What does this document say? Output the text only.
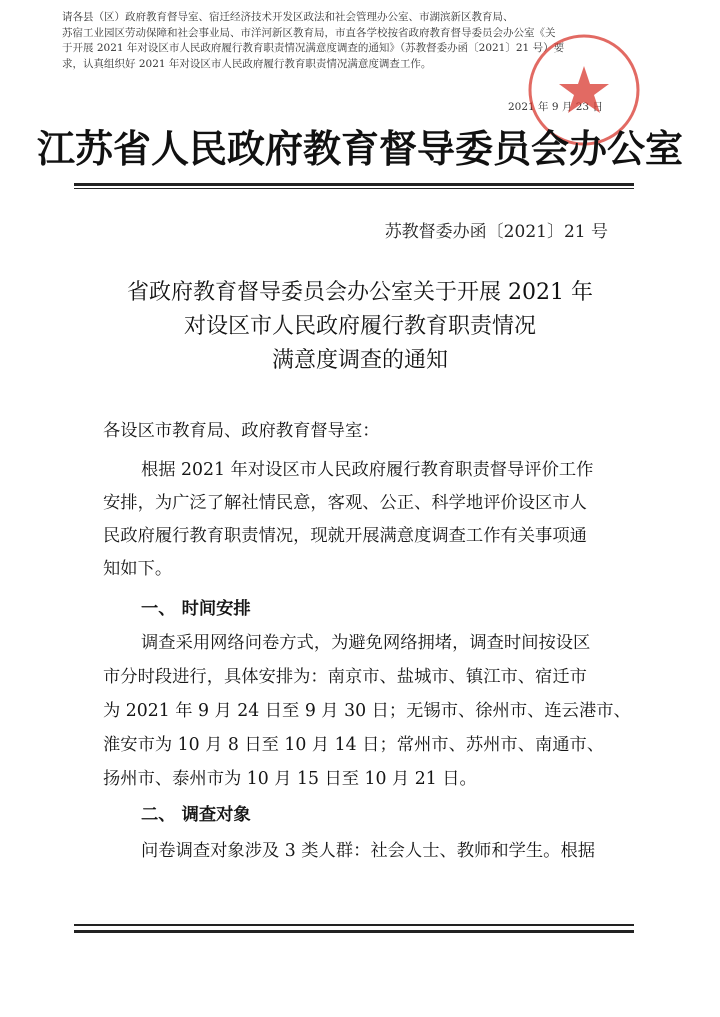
请各县（区）政府教育督导室、宿迁经济技术开发区政法和社会管理办公室、市湖滨新区教育局、
苏宿工业园区劳动保障和社会事业局、市洋河新区教育局，市直各学校按省政府教育督导委员会办公室《关
于开展 2021 年对设区市人民政府履行教育职责情况满意度调查的通知》（苏教督委办函〔2021〕21 号）要
求，认真组织好 2021 年对设区市人民政府履行教育职责情况满意度调查工作。
2021 年 9 月 23 日
江苏省人民政府教育督导委员会办公室
苏教督委办函〔2021〕21 号
省政府教育督导委员会办公室关于开展 2021 年
对设区市人民政府履行教育职责情况
满意度调查的通知
各设区市教育局、政府教育督导室：
根据 2021 年对设区市人民政府履行教育职责督导评价工作
安排，为广泛了解社情民意，客观、公正、科学地评价设区市人
民政府履行教育职责情况，现就开展满意度调查工作有关事项通
知如下。
一、 时间安排
调查采用网络问卷方式，为避免网络拥堵，调查时间按设区
市分时段进行，具体安排为：南京市、盐城市、镇江市、宿迁市
为 2021 年 9 月 24 日至 9 月 30 日；无锡市、徐州市、连云港市、
淮安市为 10 月 8 日至 10 月 14 日；常州市、苏州市、南通市、
扬州市、泰州市为 10 月 15 日至 10 月 21 日。
二、 调查对象
问卷调查对象涉及 3 类人群：社会人士、教师和学生。根据
